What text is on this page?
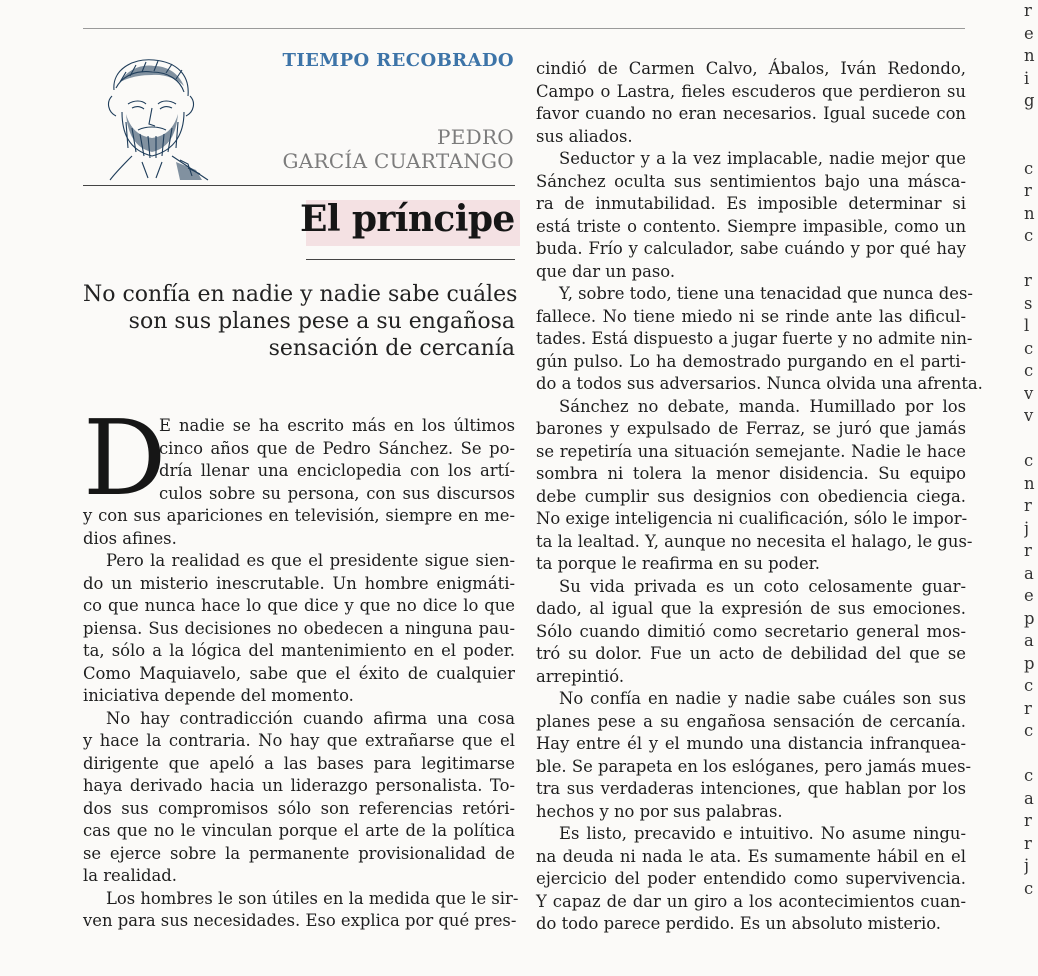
TIEMPO RECOBRADO
PEDRO
GARCÍA CUARTANGO
El príncipe
No confía en nadie y nadie sabe cuáles
son sus planes pese a su engañosa
sensación de cercanía
D
E nadie se ha escrito más en los últimos
cinco años que de Pedro Sánchez. Se po-
dría llenar una enciclopedia con los artí-
culos sobre su persona, con sus discursos
y con sus apariciones en televisión, siempre en me-
dios afines.
Pero la realidad es que el presidente sigue sien-
do un misterio inescrutable. Un hombre enigmáti-
co que nunca hace lo que dice y que no dice lo que
piensa. Sus decisiones no obedecen a ninguna pau-
ta, sólo a la lógica del mantenimiento en el poder.
Como Maquiavelo, sabe que el éxito de cualquier
iniciativa depende del momento.
No hay contradicción cuando afirma una cosa
y hace la contraria. No hay que extrañarse que el
dirigente que apeló a las bases para legitimarse
haya derivado hacia un liderazgo personalista. To-
dos sus compromisos sólo son referencias retóri-
cas que no le vinculan porque el arte de la política
se ejerce sobre la permanente provisionalidad de
la realidad.
Los hombres le son útiles en la medida que le sir-
ven para sus necesidades. Eso explica por qué pres-
cindió de Carmen Calvo, Ábalos, Iván Redondo,
Campo o Lastra, fieles escuderos que perdieron su
favor cuando no eran necesarios. Igual sucede con
sus aliados.
Seductor y a la vez implacable, nadie mejor que
Sánchez oculta sus sentimientos bajo una másca-
ra de inmutabilidad. Es imposible determinar si
está triste o contento. Siempre impasible, como un
buda. Frío y calculador, sabe cuándo y por qué hay
que dar un paso.
Y, sobre todo, tiene una tenacidad que nunca des-
fallece. No tiene miedo ni se rinde ante las dificul-
tades. Está dispuesto a jugar fuerte y no admite nin-
gún pulso. Lo ha demostrado purgando en el parti-
do a todos sus adversarios. Nunca olvida una afrenta.
Sánchez no debate, manda. Humillado por los
barones y expulsado de Ferraz, se juró que jamás
se repetiría una situación semejante. Nadie le hace
sombra ni tolera la menor disidencia. Su equipo
debe cumplir sus designios con obediencia ciega.
No exige inteligencia ni cualificación, sólo le impor-
ta la lealtad. Y, aunque no necesita el halago, le gus-
ta porque le reafirma en su poder.
Su vida privada es un coto celosamente guar-
dado, al igual que la expresión de sus emociones.
Sólo cuando dimitió como secretario general mos-
tró su dolor. Fue un acto de debilidad del que se
arrepintió.
No confía en nadie y nadie sabe cuáles son sus
planes pese a su engañosa sensación de cercanía.
Hay entre él y el mundo una distancia infranquea-
ble. Se parapeta en los eslóganes, pero jamás mues-
tra sus verdaderas intenciones, que hablan por los
hechos y no por sus palabras.
Es listo, precavido e intuitivo. No asume ningu-
na deuda ni nada le ata. Es sumamente hábil en el
ejercicio del poder entendido como supervivencia.
Y capaz de dar un giro a los acontecimientos cuan-
do todo parece perdido. Es un absoluto misterio.
r
e
n
i
g
c
r
n
c
r
s
l
c
c
v
v
c
n
r
j
r
a
e
p
a
p
c
r
c
c
a
r
r
j
c
